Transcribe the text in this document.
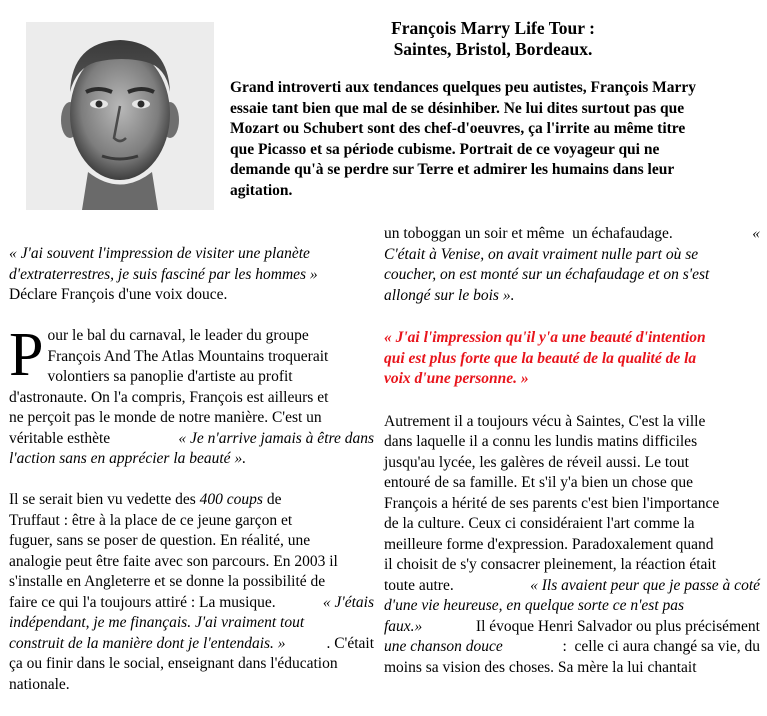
François Marry Life Tour :
Saintes, Bristol, Bordeaux.
Grand introverti aux tendances quelques peu autistes, François Marry
essaie tant bien que mal de se désinhiber. Ne lui dites surtout pas que
Mozart ou Schubert sont des chef-d'oeuvres, ça l'irrite au même titre
que Picasso et sa période cubisme. Portrait de ce voyageur qui ne
demande qu'à se perdre sur Terre et admirer les humains dans leur
agitation.
« J'ai souvent l'impression de visiter une planète
d'extraterrestres, je suis fasciné par les hommes »
Déclare François d'une voix douce.
P our le bal du carnaval, le leader du groupe
François And The Atlas Mountains troquerait
volontiers sa panoplie d'artiste au profit
d'astronaute. On l'a compris, François est ailleurs et
ne perçoit pas le monde de notre manière. C'est un
véritable esthète	« Je n'arrive jamais à être dans
l'action sans en apprécier la beauté ».
Il se serait bien vu vedette des 400 coups de
Truffaut : être à la place de ce jeune garçon et
fuguer, sans se poser de question. En réalité, une
analogie peut être faite avec son parcours. En 2003 il
s'installe en Angleterre et se donne la possibilité de
faire ce qui l'a toujours attiré : La musique.	« J'étais
indépendant, je me finançais. J'ai vraiment tout
construit de la manière dont je l'entendais. »	. C'était
ça ou finir dans le social, enseignant dans l'éducation
nationale.
un toboggan un soir et même  un échafaudage.	«
C'était à Venise, on avait vraiment nulle part où se
coucher, on est monté sur un échafaudage et on s'est
allongé sur le bois ».
« J'ai l'impression qu'il y'a une beauté d'intention
qui est plus forte que la beauté de la qualité de la
voix d'une personne. »
Autrement il a toujours vécu à Saintes, C'est la ville
dans laquelle il a connu les lundis matins difficiles
jusqu'au lycée, les galères de réveil aussi. Le tout
entouré de sa famille. Et s'il y'a bien un chose que
François a hérité de ses parents c'est bien l'importance
de la culture. Ceux ci considéraient l'art comme la
meilleure forme d'expression. Paradoxalement quand
il choisit de s'y consacrer pleinement, la réaction était
toute autre.	« Ils avaient peur que je passe à coté
d'une vie heureuse, en quelque sorte ce n'est pas
faux.»	Il évoque Henri Salvador ou plus précisément
une chanson douce	:  celle ci aura changé sa vie, du
moins sa vision des choses. Sa mère la lui chantait
